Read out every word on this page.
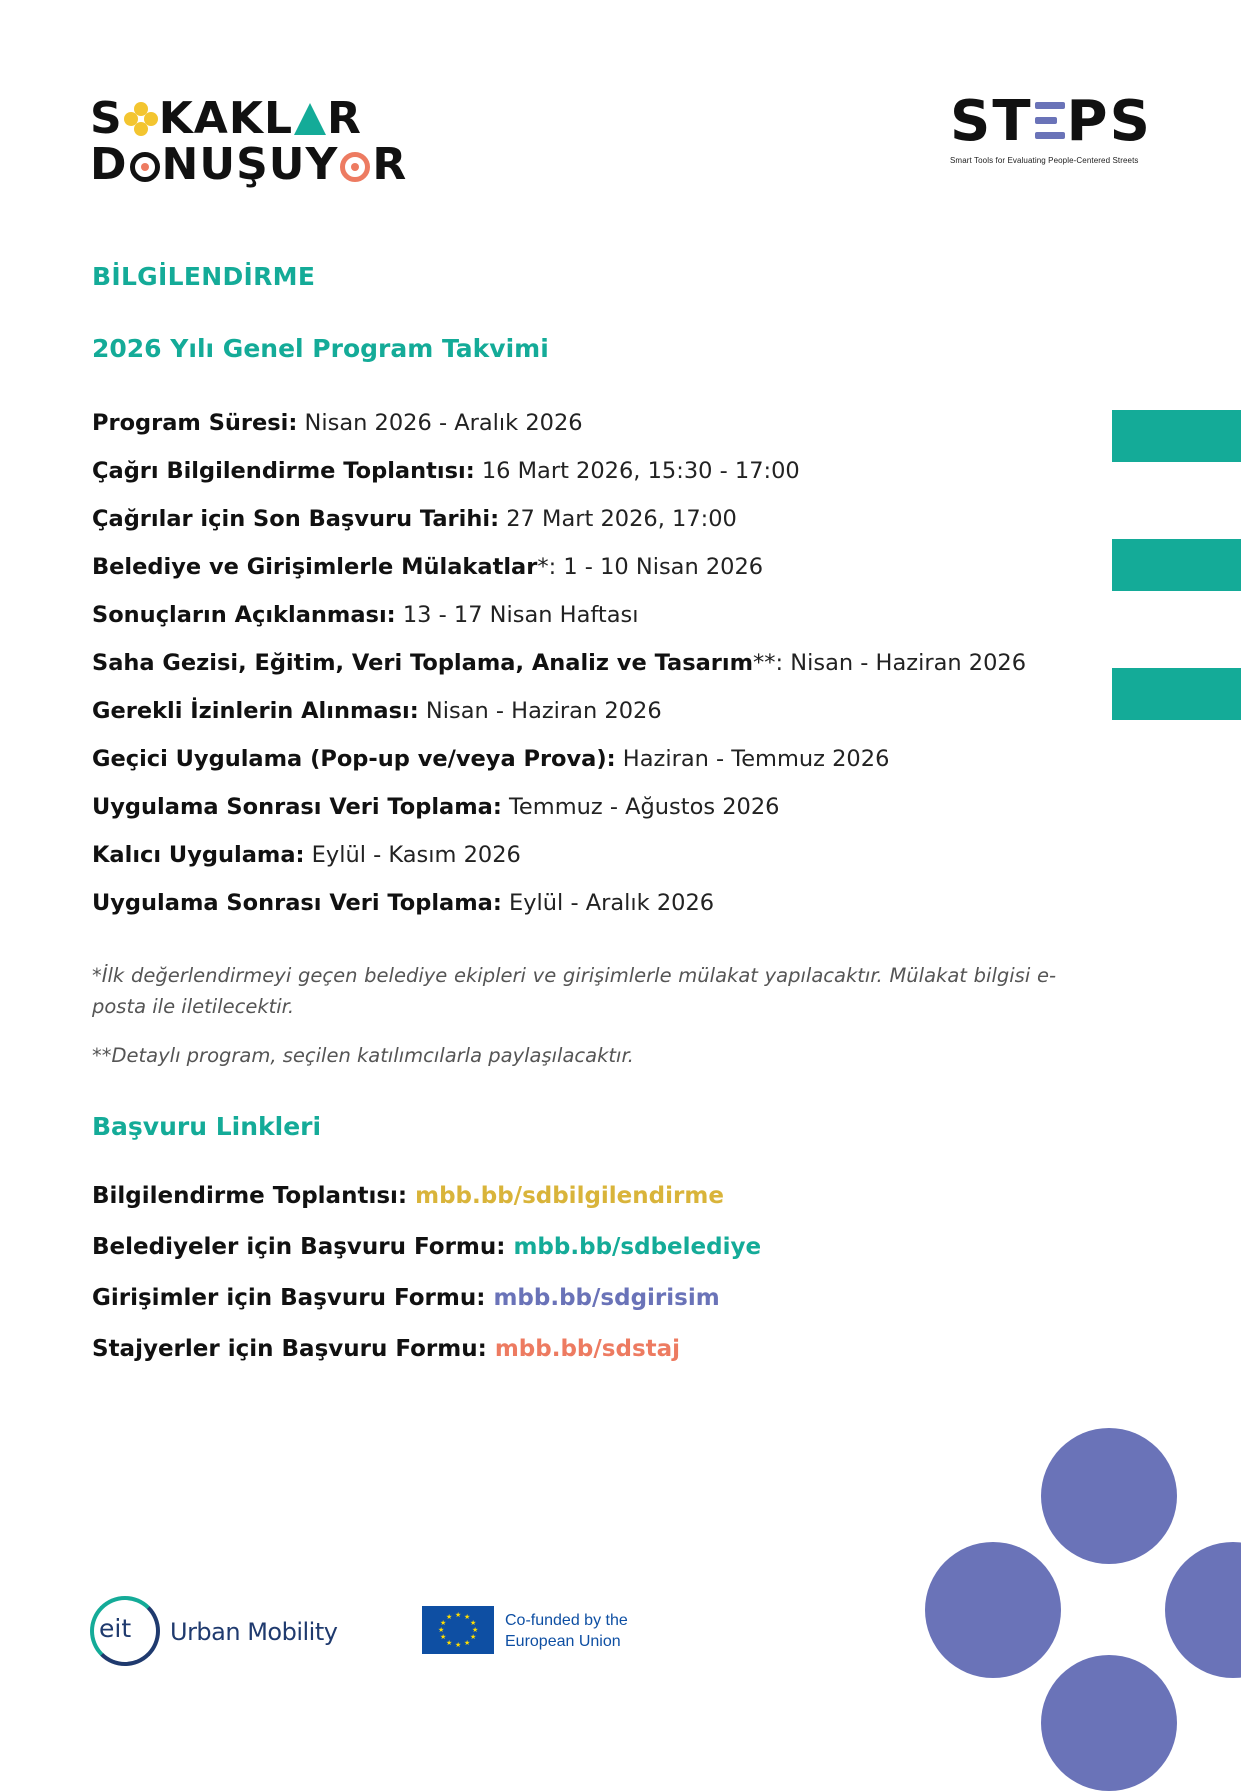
S KAKL R
D NUŞUY R
ST PS
Smart Tools for Evaluating People-Centered Streets
BİLGİLENDİRME
2026 Yılı Genel Program Takvimi
Program Süresi: Nisan 2026 - Aralık 2026
Çağrı Bilgilendirme Toplantısı: 16 Mart 2026, 15:30 - 17:00
Çağrılar için Son Başvuru Tarihi: 27 Mart 2026, 17:00
Belediye ve Girişimlerle Mülakatlar*: 1 - 10 Nisan 2026
Sonuçların Açıklanması: 13 - 17 Nisan Haftası
Saha Gezisi, Eğitim, Veri Toplama, Analiz ve Tasarım**: Nisan - Haziran 2026
Gerekli İzinlerin Alınması: Nisan - Haziran 2026
Geçici Uygulama (Pop-up ve/veya Prova): Haziran - Temmuz 2026
Uygulama Sonrası Veri Toplama: Temmuz - Ağustos 2026
Kalıcı Uygulama: Eylül - Kasım 2026
Uygulama Sonrası Veri Toplama: Eylül - Aralık 2026
*İlk değerlendirmeyi geçen belediye ekipleri ve girişimlerle mülakat yapılacaktır. Mülakat bilgisi e-posta ile iletilecektir.
**Detaylı program, seçilen katılımcılarla paylaşılacaktır.
Başvuru Linkleri
Bilgilendirme Toplantısı: mbb.bb/sdbilgilendirme
Belediyeler için Başvuru Formu: mbb.bb/sdbelediye
Girişimler için Başvuru Formu: mbb.bb/sdgirisim
Stajyerler için Başvuru Formu: mbb.bb/sdstaj
eit Urban Mobility
★ ★
★
★
★
★
★
★
★
★
★
★	Co-funded by the
European Union
